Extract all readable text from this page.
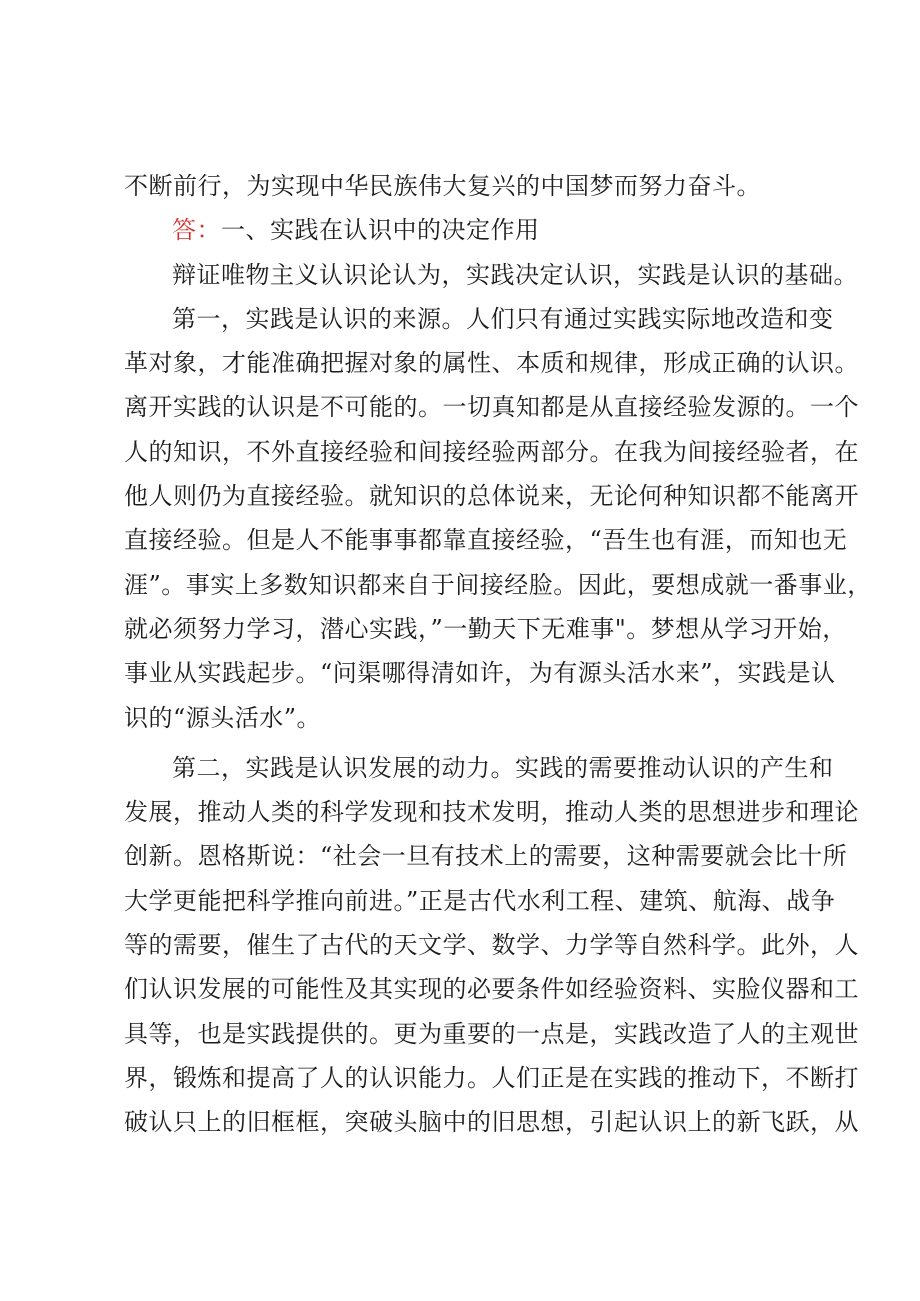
不断前行，为实现中华民族伟大复兴的中国梦而努力奋斗。
答：一、实践在认识中的决定作用
辩证唯物主义认识论认为，实践决定认识，实践是认识的基础。
第一，实践是认识的来源。人们只有通过实践实际地改造和变
革对象，才能准确把握对象的属性、本质和规律，形成正确的认识。
离开实践的认识是不可能的。一切真知都是从直接经验发源的。一个
人的知识，不外直接经验和间接经验两部分。在我为间接经验者，在
他人则仍为直接经验。就知识的总体说来，无论何种知识都不能离开
直接经验。但是人不能事事都靠直接经验，“吾生也有涯，而知也无
涯”。事实上多数知识都来自于间接经脸。因此，要想成就一番事业，
就必须努力学习，潜心实践，”一勤天下无难事"。梦想从学习开始，
事业从实践起步。“问渠哪得清如许，为有源头活水来”，实践是认
识的“源头活水”。
第二，实践是认识发展的动力。实践的需要推动认识的产生和
发展，推动人类的科学发现和技术发明，推动人类的思想进步和理论
创新。恩格斯说：“社会一旦有技术上的需要，这种需要就会比十所
大学更能把科学推向前进。”正是古代水利工程、建筑、航海、战争
等的需要，催生了古代的天文学、数学、力学等自然科学。此外，人
们认识发展的可能性及其实现的必要条件如经验资料、实脸仪器和工
具等，也是实践提供的。更为重要的一点是，实践改造了人的主观世
界，锻炼和提高了人的认识能力。人们正是在实践的推动下，不断打
破认只上的旧框框，突破头脑中的旧思想，引起认识上的新飞跃，从
